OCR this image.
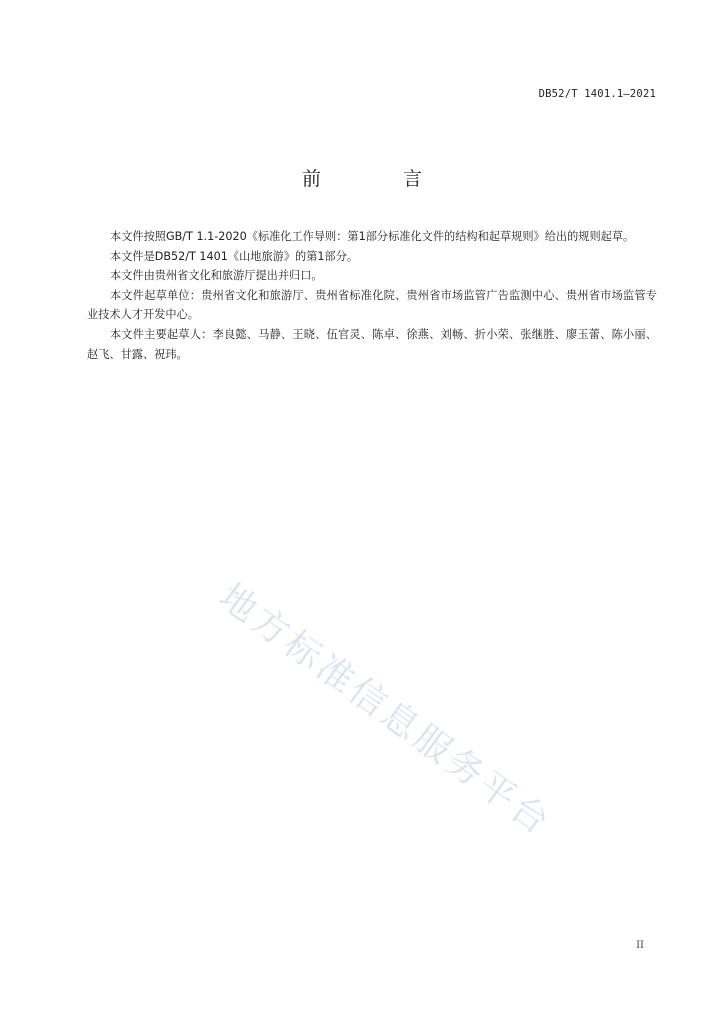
DB52/T 1401.1—2021
前 言

本文件按照GB/T 1.1-2020《标准化工作导则：第1部分标准化文件的结构和起草规则》给出的规则起草。

本文件是DB52/T 1401《山地旅游》的第1部分。

本文件由贵州省文化和旅游厅提出并归口。

本文件起草单位：贵州省文化和旅游厅、贵州省标准化院、贵州省市场监管广告监测中心、贵州省市场监管专业技术人才开发中心。

本文件主要起草人：李良懿、马静、王晓、伍官灵、陈卓、徐燕、刘畅、折小荣、张继胜、廖玉蕾、陈小丽、赵飞、甘露、祝玮。

地方标准信息服务平台
II
